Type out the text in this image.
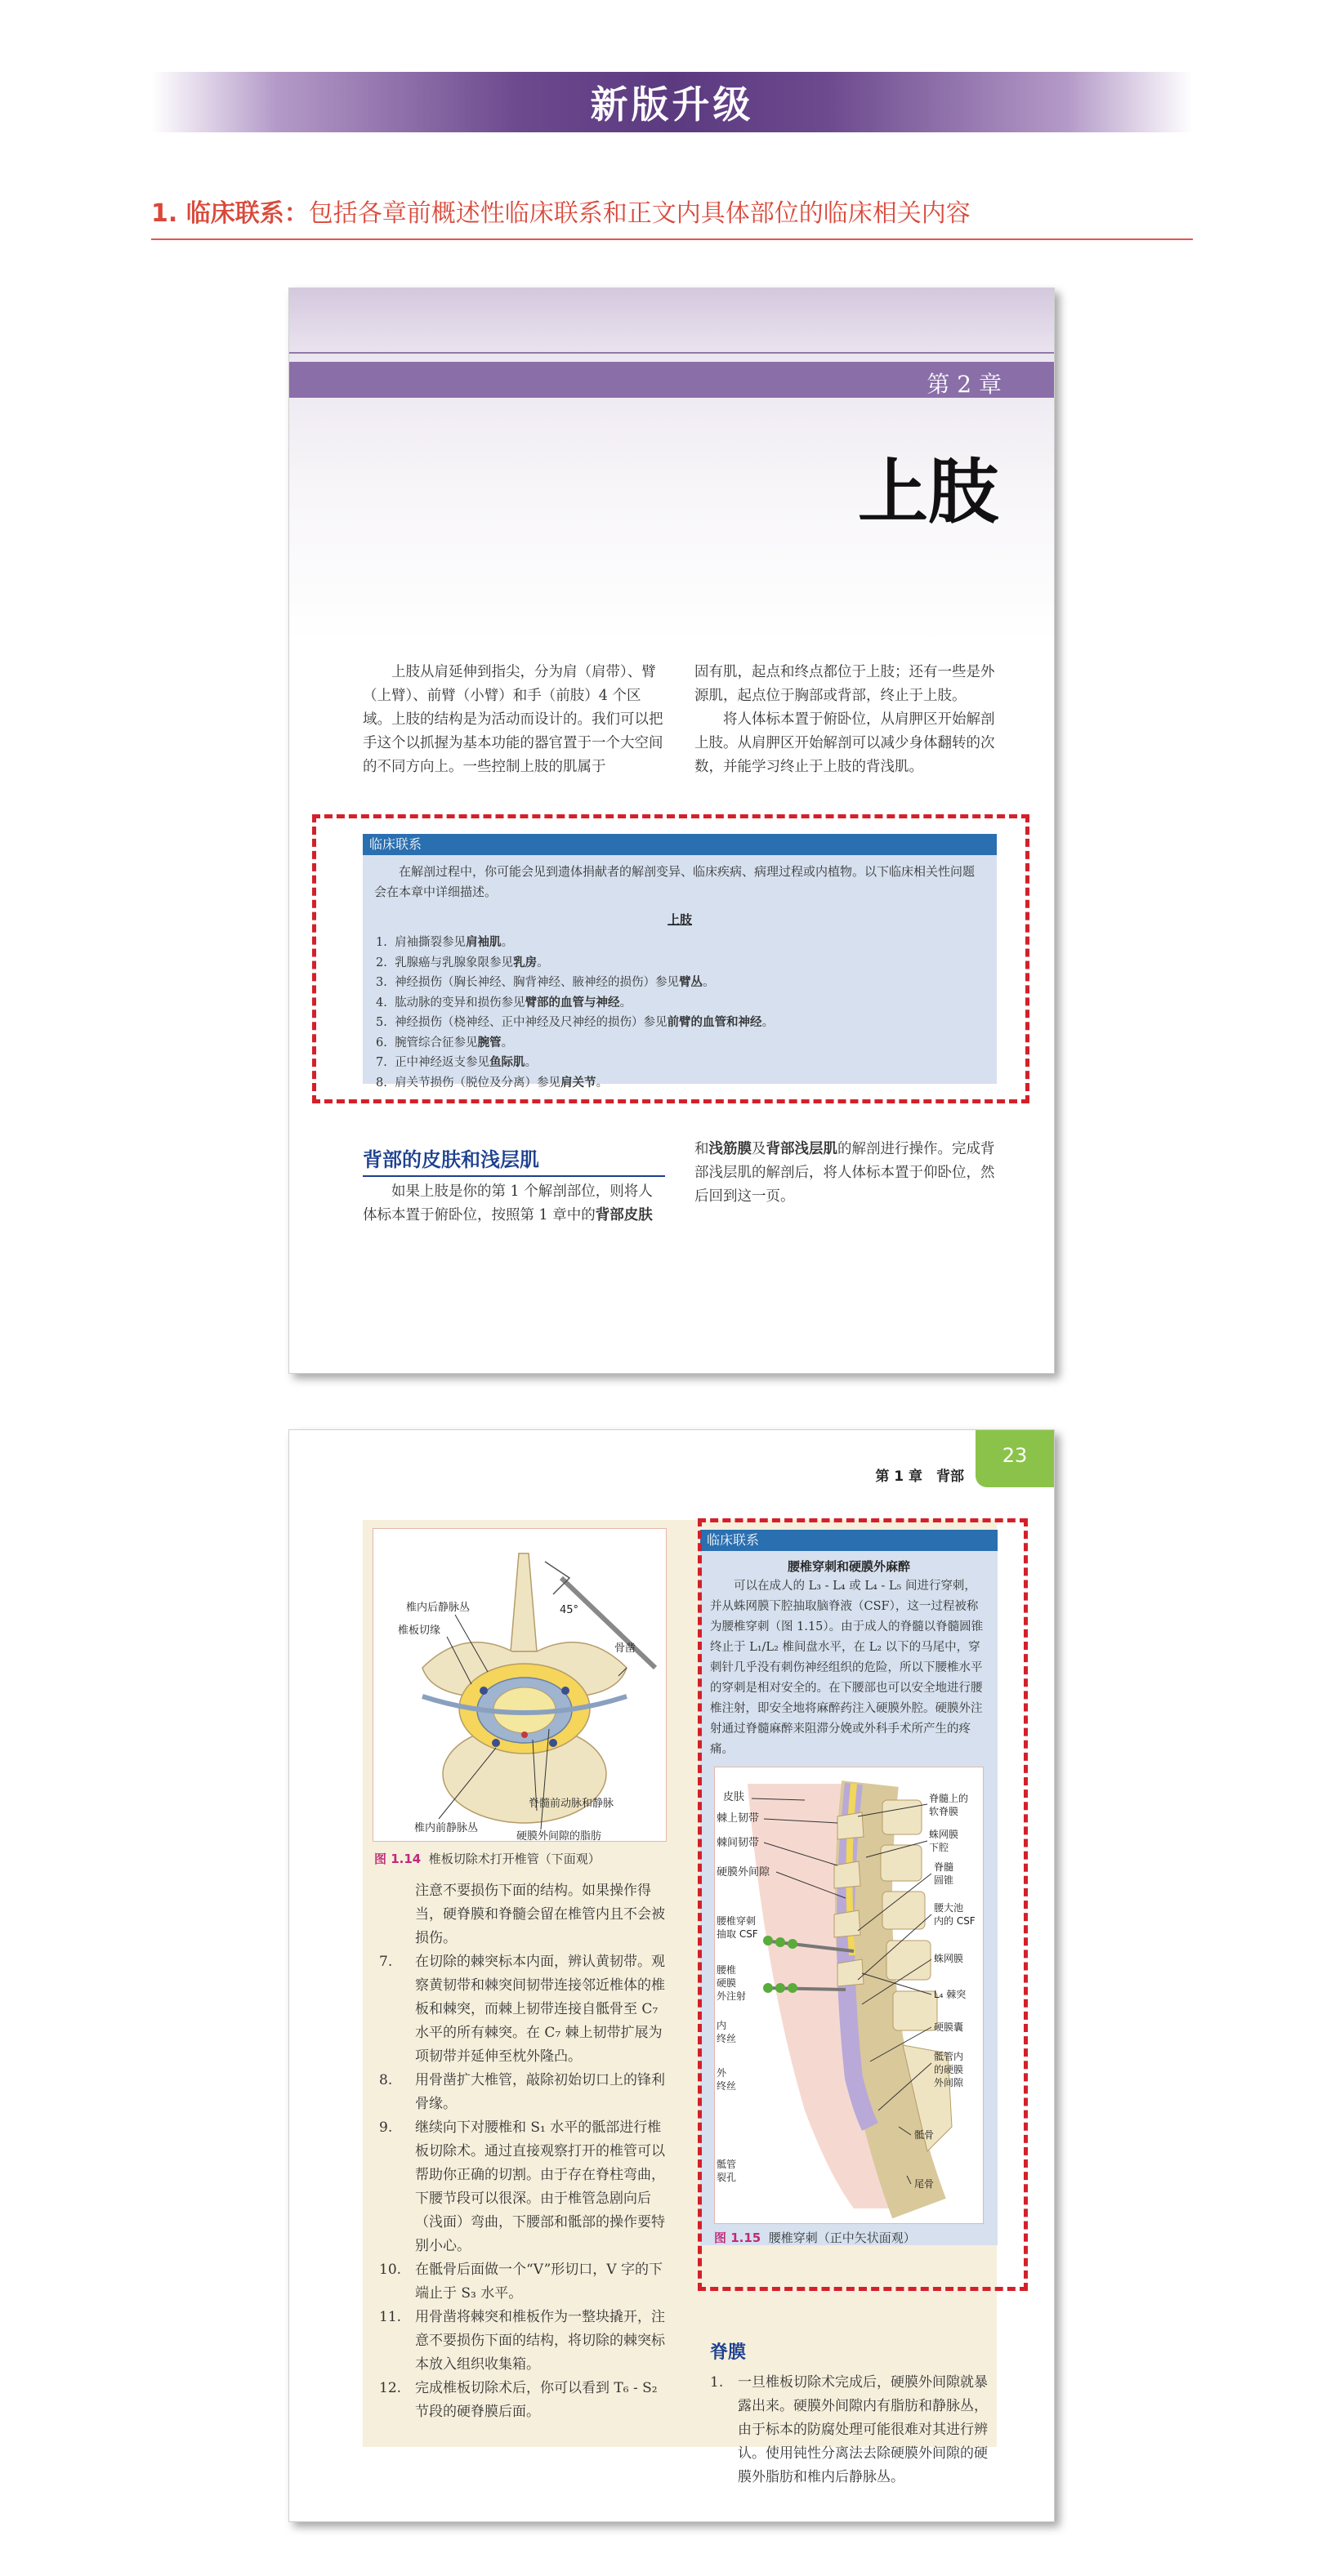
新版升级
1. 临床联系：包括各章前概述性临床联系和正文内具体部位的临床相关内容
第 2 章
上肢

上肢从肩延伸到指尖，分为肩（肩带）、臂（上臂）、前臂（小臂）和手（前肢）4 个区域。上肢的结构是为活动而设计的。我们可以把手这个以抓握为基本功能的器官置于一个大空间的不同方向上。一些控制上肢的肌属于

固有肌，起点和终点都位于上肢；还有一些是外源肌，起点位于胸部或背部，终止于上肢。

将人体标本置于俯卧位，从肩胛区开始解剖上肢。从肩胛区开始解剖可以减少身体翻转的次数，并能学习终止于上肢的背浅肌。

临床联系
在解剖过程中，你可能会见到遗体捐献者的解剖变异、临床疾病、病理过程或内植物。以下临床相关性问题会在本章中详细描述。
上肢
1. 肩袖撕裂参见肩袖肌。
2. 乳腺癌与乳腺象限参见乳房。
3. 神经损伤（胸长神经、胸背神经、腋神经的损伤）参见臂丛。
4. 肱动脉的变异和损伤参见臂部的血管与神经。
5. 神经损伤（桡神经、正中神经及尺神经的损伤）参见前臂的血管和神经。
6. 腕管综合征参见腕管。
7. 正中神经返支参见鱼际肌。
8. 肩关节损伤（脱位及分离）参见肩关节。
背部的皮肤和浅层肌

如果上肢是你的第 1 个解剖部位，则将人体标本置于俯卧位，按照第 1 章中的背部皮肤

和浅筋膜及背部浅层肌的解剖进行操作。完成背部浅层肌的解剖后，将人体标本置于仰卧位，然后回到这一页。

第 1 章　背部
23
椎内后静脉丛
椎板切缘
45°
骨凿
脊髓前动脉和静脉
椎内前静脉丛
硬膜外间隙的脂肪
图 1.14 椎板切除术打开椎管（下面观）
注意不要损伤下面的结构。如果操作得当，硬脊膜和脊髓会留在椎管内且不会被损伤。
7.	在切除的棘突标本内面，辨认黄韧带。观察黄韧带和棘突间韧带连接邻近椎体的椎板和棘突，而棘上韧带连接自骶骨至 C₇ 水平的所有棘突。在 C₇ 棘上韧带扩展为项韧带并延伸至枕外隆凸。
8.	用骨凿扩大椎管，敲除初始切口上的锋利骨缘。
9.	继续向下对腰椎和 S₁ 水平的骶部进行椎板切除术。通过直接观察打开的椎管可以帮助你正确的切割。由于存在脊柱弯曲，下腰节段可以很深。由于椎管急剧向后（浅面）弯曲，下腰部和骶部的操作要特别小心。
10. 在骶骨后面做一个“V”形切口，V 字的下端止于 S₃ 水平。
11. 用骨凿将棘突和椎板作为一整块撬开，注意不要损伤下面的结构，将切除的棘突标本放入组织收集箱。
12. 完成椎板切除术后，你可以看到 T₆ - S₂ 节段的硬脊膜后面。
临床联系
腰椎穿刺和硬膜外麻醉
可以在成人的 L₃ - L₄ 或 L₄ - L₅ 间进行穿刺，并从蛛网膜下腔抽取脑脊液（CSF），这一过程被称为腰椎穿刺（图 1.15）。由于成人的脊髓以脊髓圆锥终止于 L₁/L₂ 椎间盘水平，在 L₂ 以下的马尾中，穿刺针几乎没有刺伤神经组织的危险，所以下腰椎水平的穿刺是相对安全的。在下腰部也可以安全地进行腰椎注射，即安全地将麻醉药注入硬膜外腔。硬膜外注射通过脊髓麻醉来阻滞分娩或外科手术所产生的疼痛。
皮肤
棘上韧带
棘间韧带
硬膜外间隙
腰椎穿刺
抽取 CSF
腰椎
硬膜
外注射
内
终丝
外
终丝
骶管
裂孔
脊髓上的
软脊膜
蛛网膜
下腔
脊髓
圆锥
腰大池
内的 CSF
蛛网膜
L₄ 棘突
硬膜囊
骶管内
的硬膜
外间隙
骶骨
尾骨
图 1.15 腰椎穿刺（正中矢状面观）
脊膜
1.	一旦椎板切除术完成后，硬膜外间隙就暴露出来。硬膜外间隙内有脂肪和静脉丛，由于标本的防腐处理可能很难对其进行辨认。使用钝性分离法去除硬膜外间隙的硬膜外脂肪和椎内后静脉丛。
